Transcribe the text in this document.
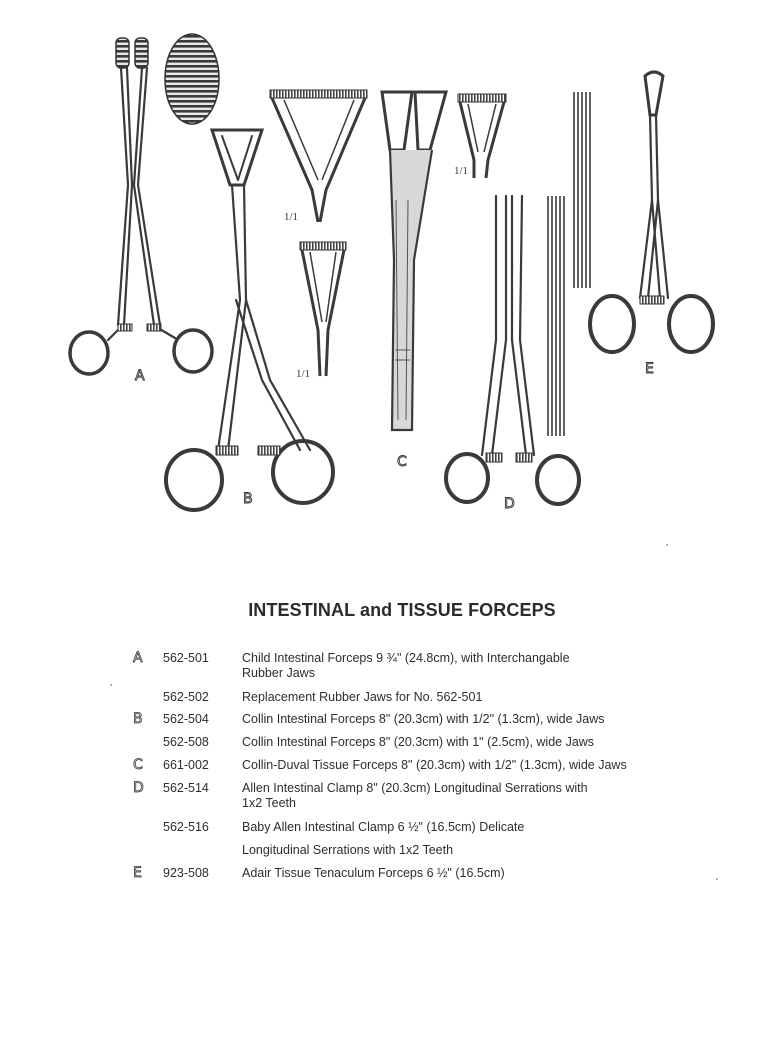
1/1
1/1
1/1
A
B
C
D
E
INTESTINAL and TISSUE FORCEPS
A	562-501	Child Intestinal Forceps 9 ¾" (24.8cm), with Interchangable Rubber Jaws
562-502	Replacement Rubber Jaws for No. 562-501
B	562-504	Collin Intestinal Forceps 8" (20.3cm) with 1/2" (1.3cm), wide Jaws
562-508	Collin Intestinal Forceps 8" (20.3cm) with 1" (2.5cm), wide Jaws
C	661-002	Collin-Duval Tissue Forceps 8" (20.3cm) with 1/2" (1.3cm), wide Jaws
D	562-514	Allen Intestinal Clamp 8" (20.3cm) Longitudinal Serrations with 1x2 Teeth
562-516	Baby Allen Intestinal Clamp 6 ½" (16.5cm) Delicate
Longitudinal Serrations with 1x2 Teeth
E	923-508	Adair Tissue Tenaculum Forceps 6 ½" (16.5cm)
